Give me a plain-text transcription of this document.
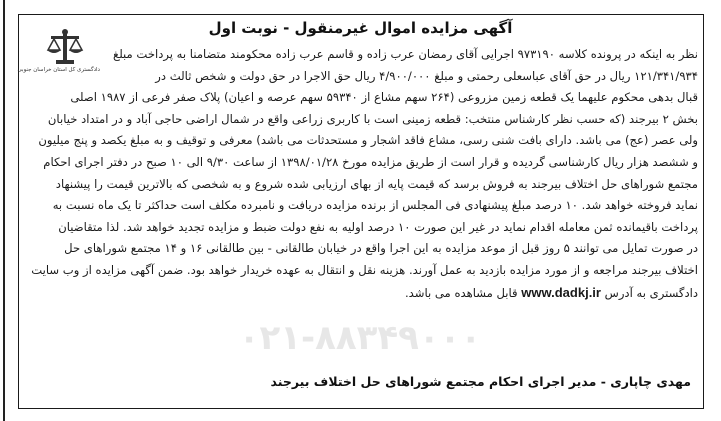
دادگستری کل استان خراسان جنوبی
آگهی مزایده اموال غیرمنقول - نوبت اول
۰۲۱-۸۸۳۴۹۰۰۰
نظر به اینکه در پرونده کلاسه ۹۷۳۱۹۰ اجرایی آقای رمضان عرب زاده و قاسم عرب زاده محکومند متضامنا به پرداخت مبلغ
۱۲۱/۳۴۱/۹۳۴ ریال در حق آقای عباسعلی رحمتی و مبلغ ۴/۹۰۰/۰۰۰ ریال حق الاجرا در حق دولت و شخص ثالث در
قبال بدهی محکوم علیهما یک قطعه زمین مزروعی (۲۶۴ سهم مشاع از ۵۹۳۴۰ سهم عرصه و اعیان) پلاک صفر فرعی از ۱۹۸۷ اصلی
بخش ۲ بیرجند (که حسب نظر کارشناس منتخب: قطعه زمینی است با کاربری زراعی واقع در شمال اراضی حاجی آباد و در امتداد خیابان
ولی عصر (عج) می باشد. دارای بافت شنی رسی، مشاع فاقد اشجار و مستحدثات می باشد) معرفی و توقیف و به مبلغ یکصد و پنج میلیون
و ششصد هزار ریال کارشناسی گردیده و قرار است از طریق مزایده مورخ ۱۳۹۸/۰۱/۲۸ از ساعت ۹/۳۰ الی ۱۰ صبح در دفتر اجرای احکام
مجتمع شوراهای حل اختلاف بیرجند به فروش برسد که قیمت پایه از بهای ارزیابی شده شروع و به شخصی که بالاترین قیمت را پیشنهاد
نماید فروخته خواهد شد. ۱۰ درصد مبلغ پیشنهادی فی المجلس از برنده مزایده دریافت و نامبرده مکلف است حداکثر تا یک ماه نسبت به
پرداخت باقیمانده ثمن معامله اقدام نماید در غیر این صورت ۱۰ درصد اولیه به نفع دولت ضبط و مزایده تجدید خواهد شد. لذا متقاضیان
در صورت تمایل می توانند ۵ روز قبل از موعد مزایده به این اجرا واقع در خیابان طالقانی - بین طالقانی ۱۶ و ۱۴ مجتمع شوراهای حل
اختلاف بیرجند مراجعه و از مورد مزایده بازدید به عمل آورند. هزینه نقل و انتقال به عهده خریدار خواهد بود. ضمن آگهی مزایده از وب سایت
دادگستری به آدرس www.dadkj.ir قابل مشاهده می باشد.
مهدی چاپاری - مدیر اجرای احکام مجتمع شوراهای حل اختلاف بیرجند
